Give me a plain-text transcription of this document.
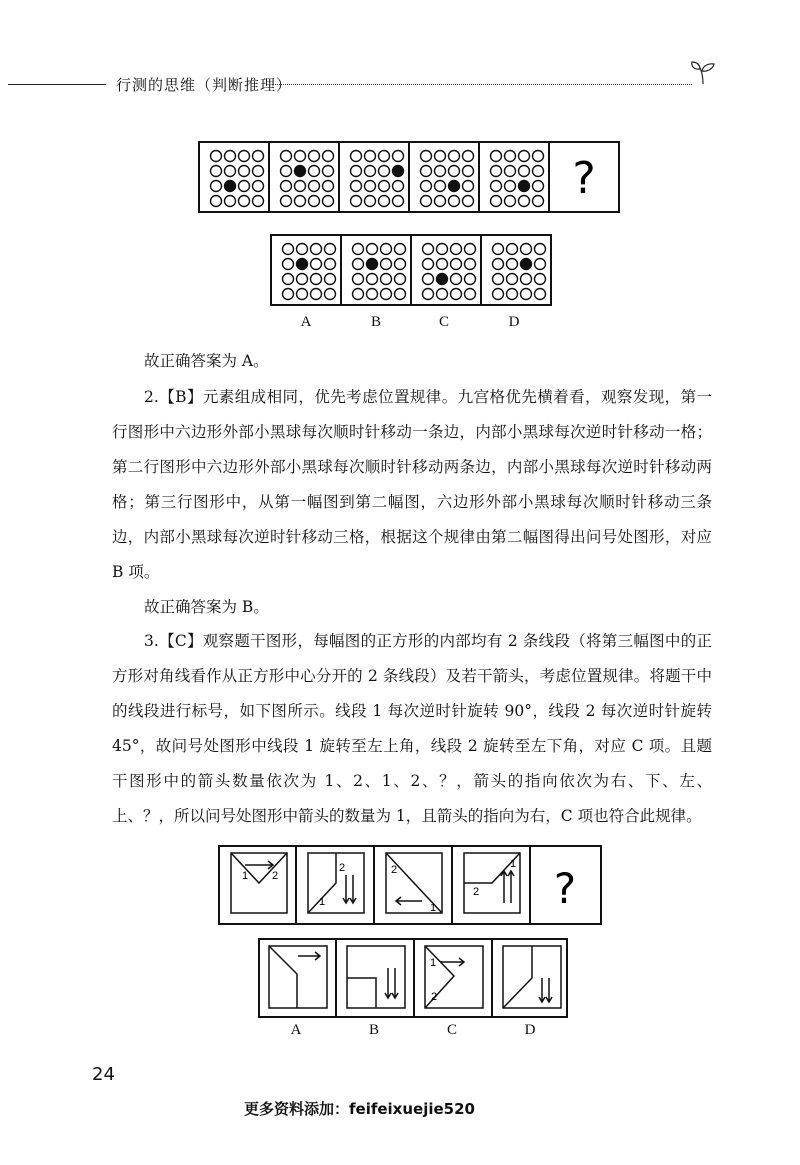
行测的思维（判断推理）
?
A	B	C	D
故正确答案为 A。
2.【B】元素组成相同，优先考虑位置规律。九宫格优先横着看，观察发现，第一行图形中六边形外部小黑球每次顺时针移动一条边，内部小黑球每次逆时针移动一格；第二行图形中六边形外部小黑球每次顺时针移动两条边，内部小黑球每次逆时针移动两格；第三行图形中，从第一幅图到第二幅图，六边形外部小黑球每次顺时针移动三条边，内部小黑球每次逆时针移动三格，根据这个规律由第二幅图得出问号处图形，对应 B 项。
故正确答案为 B。
3.【C】观察题干图形，每幅图的正方形的内部均有 2 条线段（将第三幅图中的正方形对角线看作从正方形中心分开的 2 条线段）及若干箭头，考虑位置规律。将题干中的线段进行标号，如下图所示。线段 1 每次逆时针旋转 90°，线段 2 每次逆时针旋转 45°，故问号处图形中线段 1 旋转至左上角，线段 2 旋转至左下角，对应 C 项。且题干图形中的箭头数量依次为 1、2、1、2、？，箭头的指向依次为右、下、左、上、？，所以问号处图形中箭头的数量为 1，且箭头的指向为右，C 项也符合此规律。
1 2
2
1
2
1
2
1 ?
1
2
A	B	C	D
24
更多资料添加：feifeixuejie520
